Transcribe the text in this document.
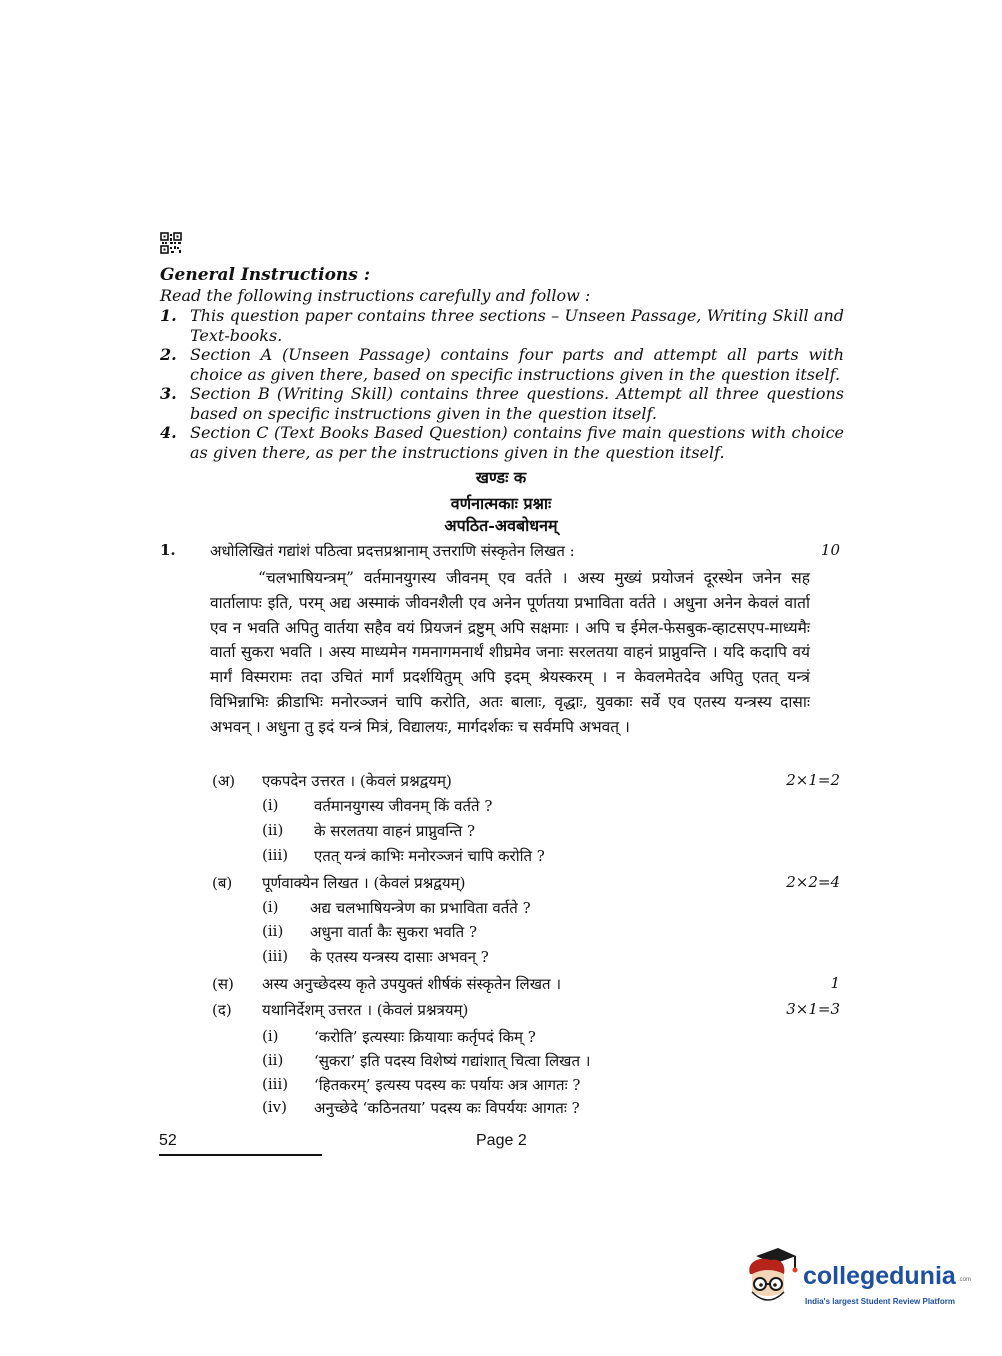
General Instructions :
Read the following instructions carefully and follow :
1. This question paper contains three sections – Unseen Passage, Writing Skill and Text-books.
2. Section A (Unseen Passage) contains four parts and attempt all parts with choice as given there, based on specific instructions given in the question itself.
3. Section B (Writing Skill) contains three questions. Attempt all three questions based on specific instructions given in the question itself.
4. Section C (Text Books Based Question) contains five main questions with choice as given there, as per the instructions given in the question itself.
खण्डः क
वर्णनात्मकाः प्रश्नाः
अपठित-अवबोधनम्
1. अधोलिखितं गद्यांशं पठित्वा प्रदत्तप्रश्नानाम् उत्तराणि संस्कृतेन लिखत :	10

“चलभाषियन्त्रम्” वर्तमानयुगस्य जीवनम् एव वर्तते । अस्य मुख्यं प्रयोजनं दूरस्थेन जनेन सह वार्तालापः इति, परम् अद्य अस्माकं जीवनशैली एव अनेन पूर्णतया प्रभाविता वर्तते । अधुना अनेन केवलं वार्ता एव न भवति अपितु वार्तया सहैव वयं प्रियजनं द्रष्टुम् अपि सक्षमाः । अपि च ईमेल-फेसबुक-व्हाटसएप-माध्यमैः वार्ता सुकरा भवति । अस्य माध्यमेन गमनागमनार्थं शीघ्रमेव जनाः सरलतया वाहनं प्राप्नुवन्ति । यदि कदापि वयं मार्गं विस्मरामः तदा उचितं मार्गं प्रदर्शयितुम् अपि इदम् श्रेयस्करम् । न केवलमेतदेव अपितु एतत् यन्त्रं विभिन्नाभिः क्रीडाभिः मनोरञ्जनं चापि करोति, अतः बालाः, वृद्धाः, युवकाः सर्वे एव एतस्य यन्त्रस्य दासाः अभवन् । अधुना तु इदं यन्त्रं मित्रं, विद्यालयः, मार्गदर्शकः च सर्वमपि अभवत् ।

(अ) एकपदेन उत्तरत । (केवलं प्रश्नद्वयम्)	2×1=2
(i) वर्तमानयुगस्य जीवनम् किं वर्तते ?
(ii) के सरलतया वाहनं प्राप्नुवन्ति ?
(iii) एतत् यन्त्रं काभिः मनोरञ्जनं चापि करोति ?
(ब) पूर्णवाक्येन लिखत । (केवलं प्रश्नद्वयम्)	2×2=4
(i) अद्य चलभाषियन्त्रेण का प्रभाविता वर्तते ?
(ii) अधुना वार्ता कैः सुकरा भवति ?
(iii) के एतस्य यन्त्रस्य दासाः अभवन् ?
(स) अस्य अनुच्छेदस्य कृते उपयुक्तं शीर्षकं संस्कृतेन लिखत ।	1
(द) यथानिर्देशम् उत्तरत । (केवलं प्रश्नत्रयम्)	3×1=3
(i) ‘करोति’ इत्यस्याः क्रियायाः कर्तृपदं किम् ?
(ii) ‘सुकरा’ इति पदस्य विशेष्यं गद्यांशात् चित्वा लिखत ।
(iii) ‘हितकरम्’ इत्यस्य पदस्य कः पर्यायः अत्र आगतः ?
(iv) अनुच्छेदे ‘कठिनतया’ पदस्य कः विपर्ययः आगतः ?
52	Page 2
collegedunia .com
India's largest Student Review Platform
